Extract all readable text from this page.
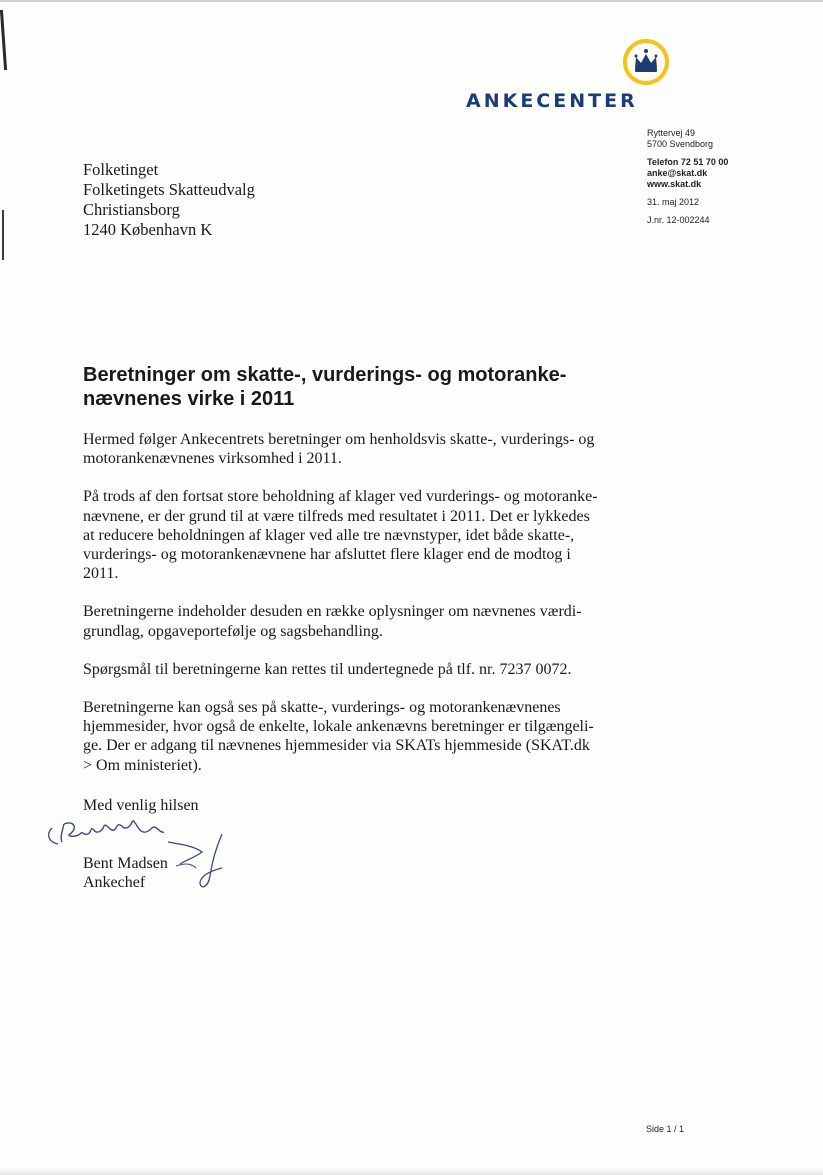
ANKECENTER
Ryttervej 49
5700 Svendborg
Telefon 72 51 70 00
anke@skat.dk
www.skat.dk
31. maj 2012
J.nr. 12-002244
Folketinget
Folketingets Skatteudvalg
Christiansborg
1240 København K
Beretninger om skatte-, vurderings- og motoranke-
nævnenes virke i 2011
Hermed følger Ankecentrets beretninger om henholdsvis skatte-, vurderings- og
motorankenævnenes virksomhed i 2011.
På trods af den fortsat store beholdning af klager ved vurderings- og motoranke-
nævnene, er der grund til at være tilfreds med resultatet i 2011. Det er lykkedes
at reducere beholdningen af klager ved alle tre nævnstyper, idet både skatte-,
vurderings- og motorankenævnene har afsluttet flere klager end de modtog i
2011.
Beretningerne indeholder desuden en række oplysninger om nævnenes værdi-
grundlag, opgaveportefølje og sagsbehandling.
Spørgsmål til beretningerne kan rettes til undertegnede på tlf. nr. 7237 0072.
Beretningerne kan også ses på skatte-, vurderings- og motorankenævnenes
hjemmesider, hvor også de enkelte, lokale ankenævns beretninger er tilgængeli-
ge. Der er adgang til nævnenes hjemmesider via SKATs hjemmeside (SKAT.dk
> Om ministeriet).
Med venlig hilsen
Bent Madsen
Ankechef
Side 1 / 1
